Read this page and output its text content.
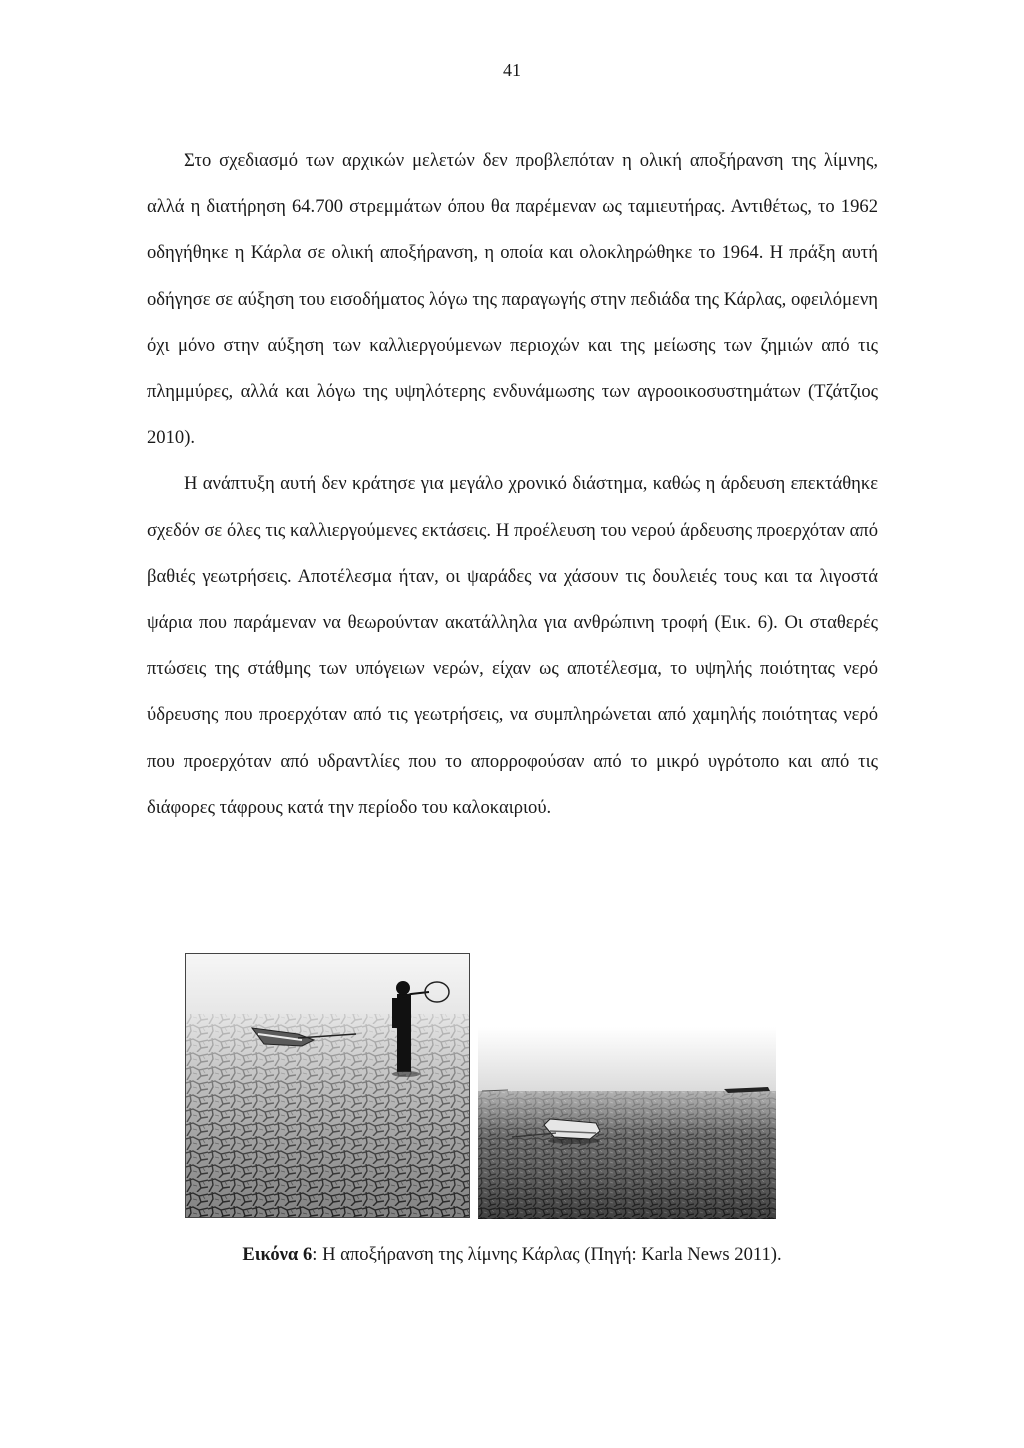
41

Στο σχεδιασμό των αρχικών μελετών δεν προβλεπόταν η ολική αποξήρανση της λίμνης, αλλά η διατήρηση 64.700 στρεμμάτων όπου θα παρέμεναν ως ταμιευτήρας. Αντιθέτως, το 1962 οδηγήθηκε η Κάρλα σε ολική αποξήρανση, η οποία και ολοκληρώθηκε το 1964. Η πράξη αυτή οδήγησε σε αύξηση του εισοδήματος λόγω της παραγωγής στην πεδιάδα της Κάρλας, οφειλόμενη όχι μόνο στην αύξηση των καλλιεργούμενων περιοχών και της μείωσης των ζημιών από τις πλημμύρες, αλλά και λόγω της υψηλότερης ενδυνάμωσης των αγροοικοσυστημάτων (Τζάτζιος 2010).

Η ανάπτυξη αυτή δεν κράτησε για μεγάλο χρονικό διάστημα, καθώς η άρδευση επεκτάθηκε σχεδόν σε όλες τις καλλιεργούμενες εκτάσεις. Η προέλευση του νερού άρδευσης προερχόταν από βαθιές γεωτρήσεις. Αποτέλεσμα ήταν, οι ψαράδες να χάσουν τις δουλειές τους και τα λιγοστά ψάρια που παράμεναν να θεωρούνταν ακατάλληλα για ανθρώπινη τροφή (Εικ. 6). Οι σταθερές πτώσεις της στάθμης των υπόγειων νερών, είχαν ως αποτέλεσμα, το υψηλής ποιότητας νερό ύδρευσης που προερχόταν από τις γεωτρήσεις, να συμπληρώνεται από χαμηλής ποιότητας νερό που προερχόταν από υδραντλίες που το απορροφούσαν από το μικρό υγρότοπο και από τις διάφορες τάφρους κατά την περίοδο του καλοκαιριού.

Εικόνα 6: Η αποξήρανση της λίμνης Κάρλας (Πηγή: Karla News 2011).
